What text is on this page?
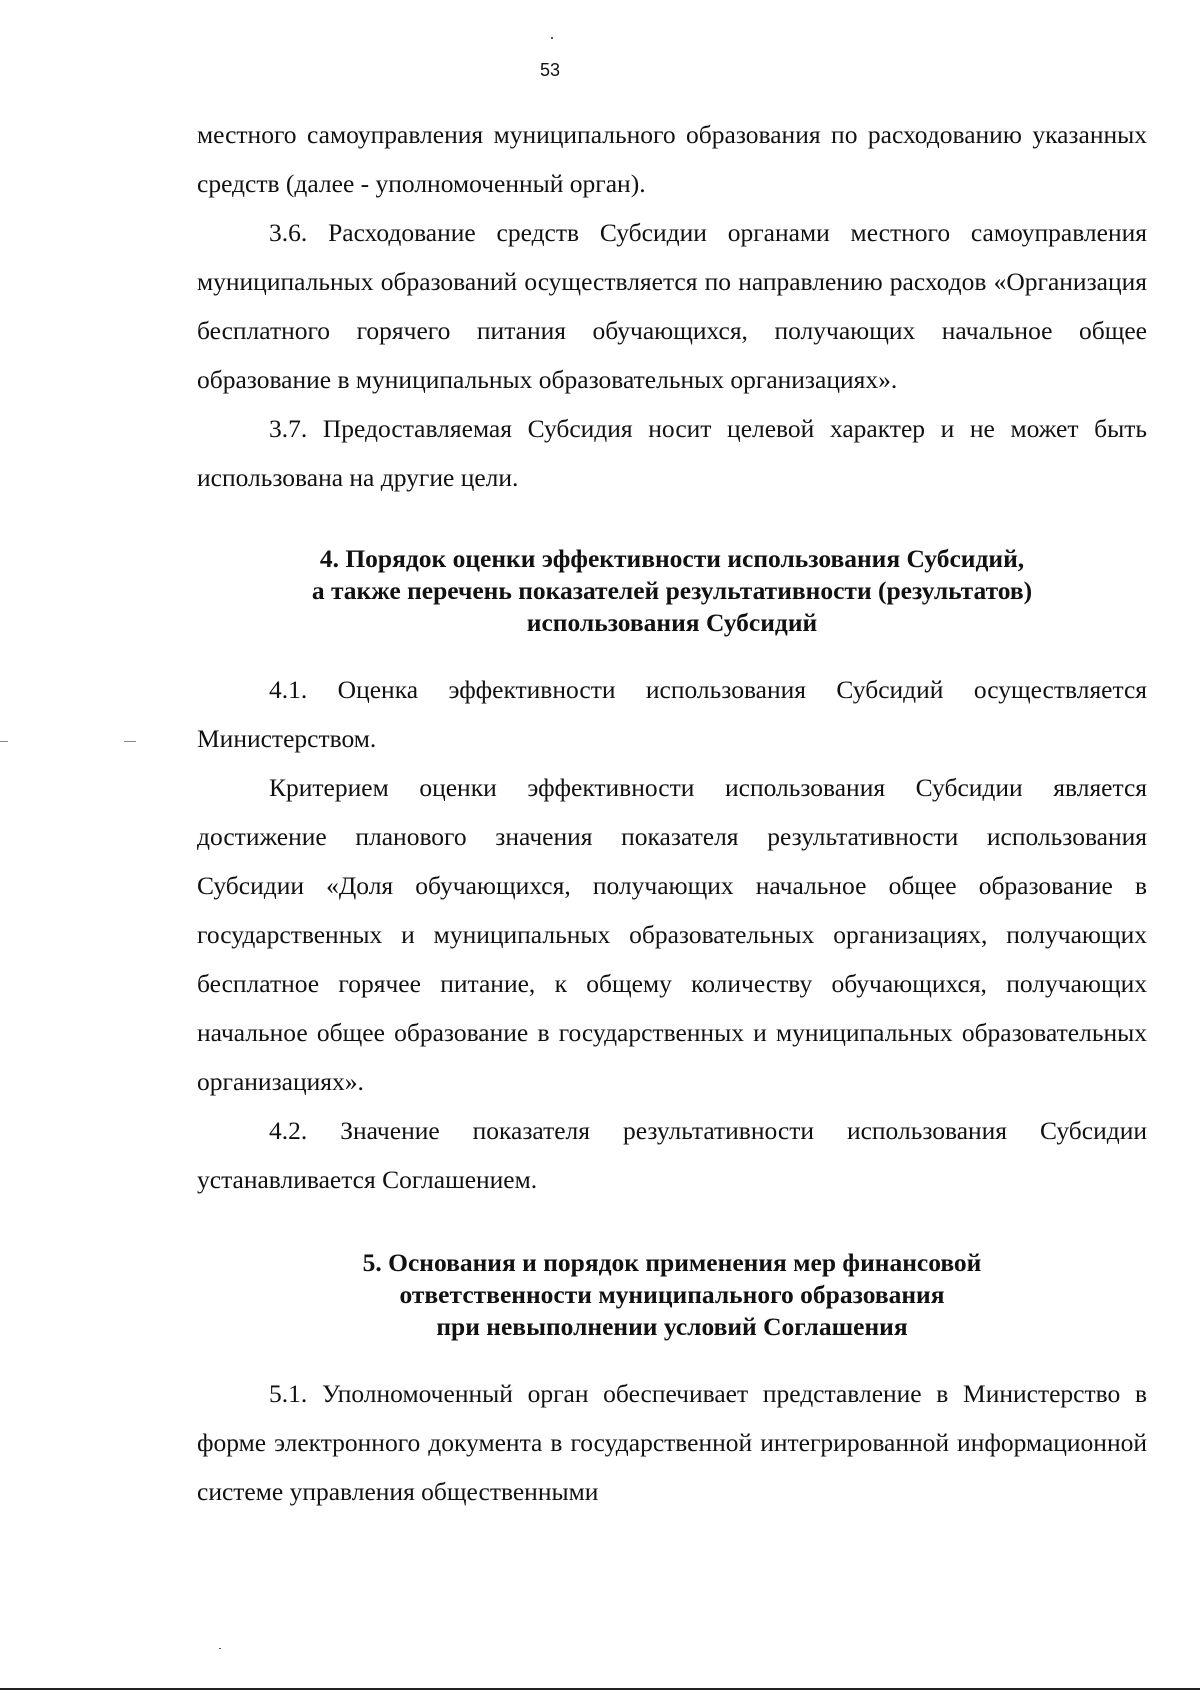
53

местного самоуправления муниципального образования по расходованию указанных средств (далее - уполномоченный орган).

3.6. Расходование средств Субсидии органами местного самоуправления муниципальных образований осуществляется по направлению расходов «Организация бесплатного горячего питания обучающихся, получающих начальное общее образование в муниципальных образовательных организациях».

3.7. Предоставляемая Субсидия носит целевой характер и не может быть использована на другие цели.

4. Порядок оценки эффективности использования Субсидий,
а также перечень показателей результативности (результатов)
использования Субсидий

4.1. Оценка эффективности использования Субсидий осуществляется Министерством.

Критерием оценки эффективности использования Субсидии является достижение планового значения показателя результативности использования Субсидии «Доля обучающихся, получающих начальное общее образование в государственных и муниципальных образовательных организациях, получающих бесплатное горячее питание, к общему количеству обучающихся, получающих начальное общее образование в государственных и муниципальных образовательных организациях».

4.2. Значение показателя результативности использования Субсидии устанавливается Соглашением.

5. Основания и порядок применения мер финансовой
ответственности муниципального образования
при невыполнении условий Соглашения

5.1. Уполномоченный орган обеспечивает представление в Министерство в форме электронного документа в государственной интегрированной информационной системе управления общественными
